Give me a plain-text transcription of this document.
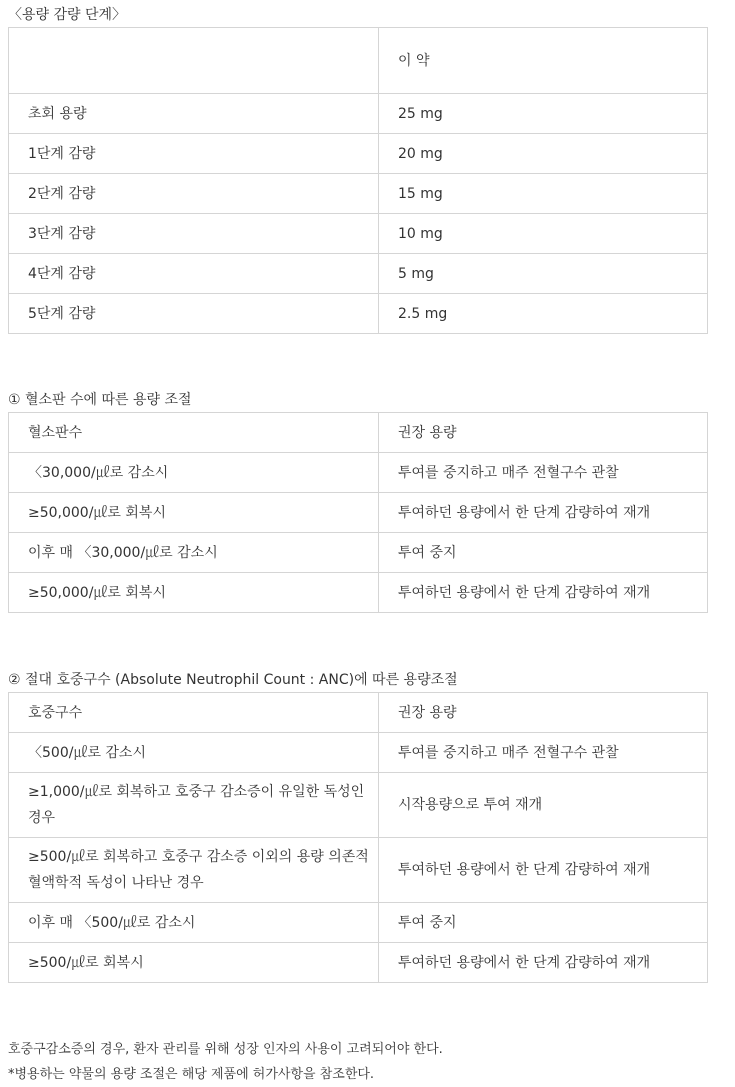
〈용량 감량 단계〉
	이 약
초회 용량	25 mg
1단계 감량	20 mg
2단계 감량	15 mg
3단계 감량	10 mg
4단계 감량	5 mg
5단계 감량	2.5 mg
① 혈소판 수에 따른 용량 조절
혈소판수	권장 용량
〈30,000/㎕로 감소시	투여를 중지하고 매주 전혈구수 관찰
≥50,000/㎕로 회복시	투여하던 용량에서 한 단계 감량하여 재개
이후 매 〈30,000/㎕로 감소시	투여 중지
≥50,000/㎕로 회복시	투여하던 용량에서 한 단계 감량하여 재개
② 절대 호중구수 (Absolute Neutrophil Count : ANC)에 따른 용량조절
호중구수	권장 용량
〈500/㎕로 감소시	투여를 중지하고 매주 전혈구수 관찰
≥1,000/㎕로 회복하고 호중구 감소증이 유일한 독성인 경우	시작용량으로 투여 재개
≥500/㎕로 회복하고 호중구 감소증 이외의 용량 의존적 혈액학적 독성이 나타난 경우	투여하던 용량에서 한 단계 감량하여 재개
이후 매 〈500/㎕로 감소시	투여 중지
≥500/㎕로 회복시	투여하던 용량에서 한 단계 감량하여 재개
호중구감소증의 경우, 환자 관리를 위해 성장 인자의 사용이 고려되어야 한다.
*병용하는 약물의 용량 조절은 해당 제품에 허가사항을 참조한다.
